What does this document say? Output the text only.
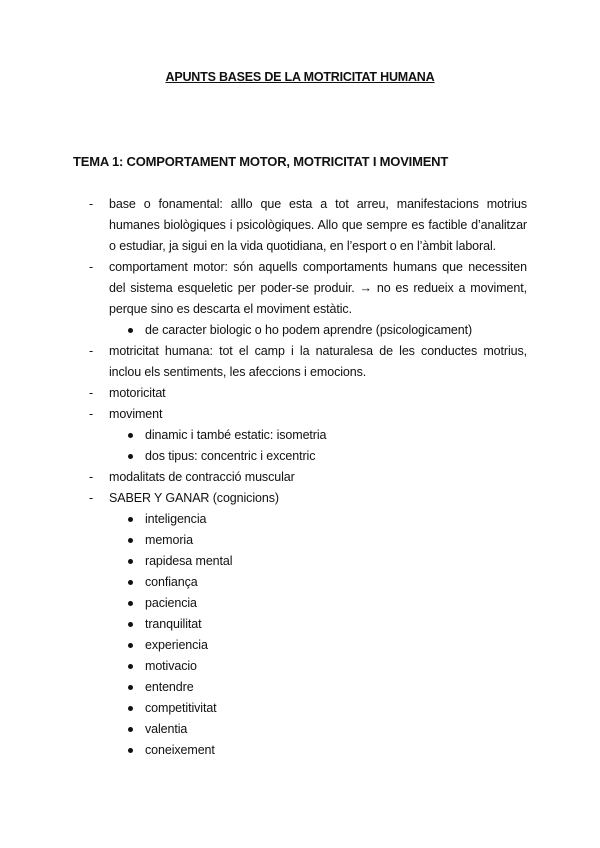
APUNTS BASES DE LA MOTRICITAT HUMANA
TEMA 1: COMPORTAMENT MOTOR, MOTRICITAT I MOVIMENT
- base o fonamental: alllo que esta a tot arreu, manifestacions motrius humanes biològiques i psicològiques. Allo que sempre es factible d’analitzar o estudiar, ja sigui en la vida quotidiana, en l’esport o en l’àmbit laboral.
- comportament motor: són aquells comportaments humans que necessiten del sistema esqueletic per poder-se produir. → no es redueix a moviment, perque sino es descarta el moviment estàtic.
de caracter biologic o ho podem aprendre (psicologicament)
- motricitat humana: tot el camp i la naturalesa de les conductes motrius, inclou els sentiments, les afeccions i emocions.
- motoricitat
- moviment
dinamic i també estatic: isometria
dos tipus: concentric i excentric
- modalitats de contracció muscular
- SABER Y GANAR (cognicions)
inteligencia
memoria
rapidesa mental
confiança
paciencia
tranquilitat
experiencia
motivacio
entendre
competitivitat
valentia
coneixement
